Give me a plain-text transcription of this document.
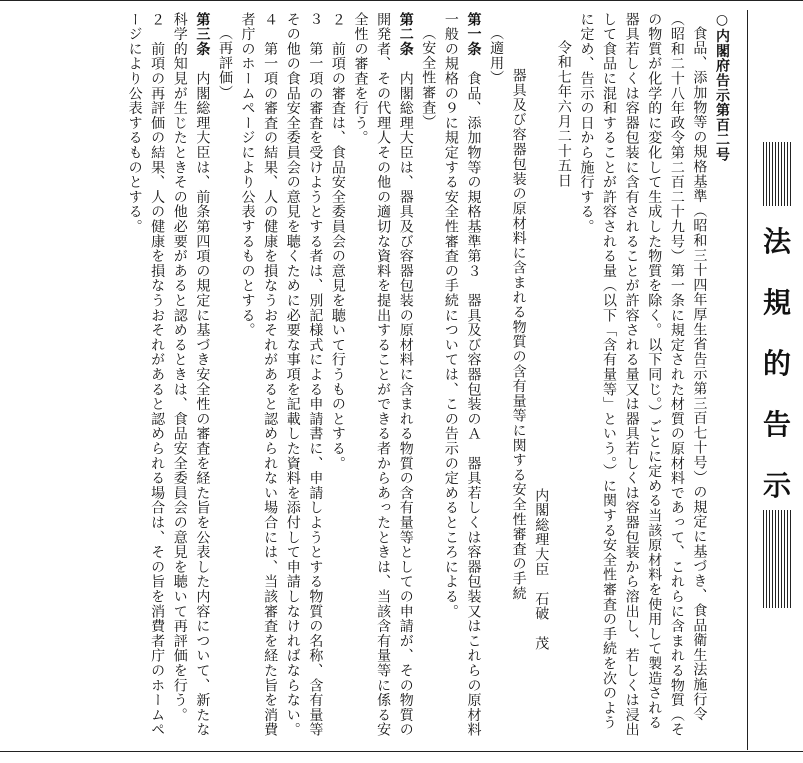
法
規
的
告
示

○内閣府告示第百二号

食品、添加物等の規格基準（昭和三十四年厚生省告示第三百七十号）の規定に基づき、食品衛生法施行令（昭和二十八年政令第二百二十九号）第一条に規定された材質の原材料であって、これらに含まれる物質（その物質が化学的に変化して生成した物質を除く。以下同じ。）ごとに定める当該原材料を使用して製造される器具若しくは容器包装に含有されることが許容される量又は器具若しくは容器包装から溶出し、若しくは浸出して食品に混和することが許容される量（以下「含有量等」という。）に関する安全性審査の手続を次のように定め、告示の日から施行する。

令和七年六月二十五日

内閣総理大臣　石破　茂

器具及び容器包装の原材料に含まれる物質の含有量等に関する安全性審査の手続

（適用）

第一条　食品、添加物等の規格基準第３　器具及び容器包装のＡ　器具若しくは容器包装又はこれらの原材料一般の規格の９に規定する安全性審査の手続については、この告示の定めるところによる。

（安全性審査）

第二条　内閣総理大臣は、器具及び容器包装の原材料に含まれる物質の含有量等としての申請が、その物質の開発者、その代理人その他の適切な資料を提出することができる者からあったときは、当該含有量等に係る安全性の審査を行う。

２　前項の審査は、食品安全委員会の意見を聴いて行うものとする。

３　第一項の審査を受けようとする者は、別記様式による申請書に、申請しようとする物質の名称、含有量等その他の食品安全委員会の意見を聴くために必要な事項を記載した資料を添付して申請しなければならない。

４　第一項の審査の結果、人の健康を損なうおそれがあると認められない場合には、当該審査を経た旨を消費者庁のホームページにより公表するものとする。

（再評価）

第三条　内閣総理大臣は、前条第四項の規定に基づき安全性の審査を経た旨を公表した内容について、新たな科学的知見が生じたときその他必要があると認めるときは、食品安全委員会の意見を聴いて再評価を行う。

２　前項の再評価の結果、人の健康を損なうおそれがあると認められる場合は、その旨を消費者庁のホームページにより公表するものとする。
